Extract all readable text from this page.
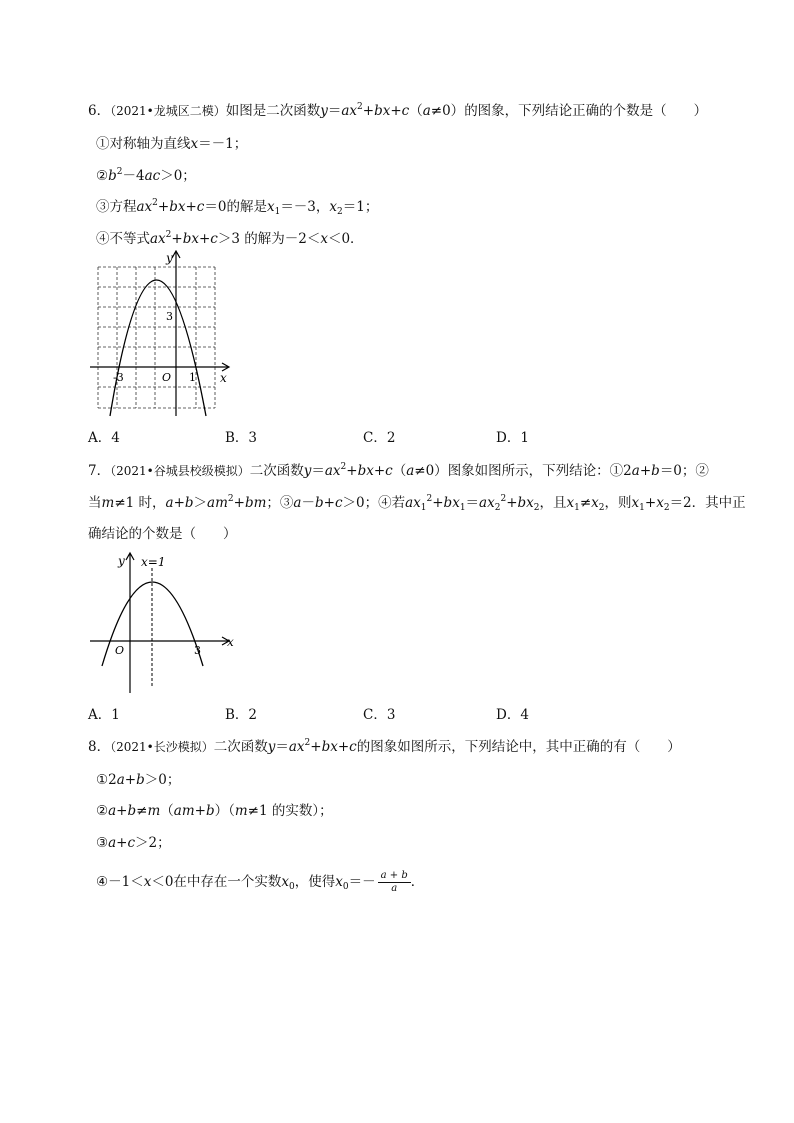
6．（2021•龙城区二模）如图是二次函数$y=ax^2+bx+c(a\ne 0)$的图象，下列结论正确的个数是（　　）
①对称轴为直线x＝－1；
$②b^2-4ac>0$；
③方程$ax^2+bx+c=0$的解是$x_1=-3$，$x_2=1$；
④不等式$ax^2+bx+c>3$ 的解为－2＜x＜0．
y
x
O
-3	1
3
A．4	B．3	C．2	D．1
7．（2021•谷城县校级模拟）二次函数$y=ax^2+bx+c(a\ne 0)$图象如图所示，下列结论：①2a+b＝0；②
当m≠1 时，$a+b>am^2+bm$；③a－b+c＞0；④若$ax_1^2+bx_1=ax_2^2+bx_2$，且$x_1\ne x_2$，则$x_1+x_2=2$．其中正
确结论的个数是（　　）
y x=1
x
O	3
A．1	B．2	C．3	D．4
8．（2021•长沙模拟）二次函数$y=ax^2+bx+c$的图象如图所示，下列结论中，其中正确的有（　　）
①2a+b＞0；
②a+b≠m（am+b）（m≠1 的实数）；
③a+c＞2；
④－1＜x＜0在中存在一个实数$x_0$，使得$x_0=- \frac{a + b}{a}$ ．
